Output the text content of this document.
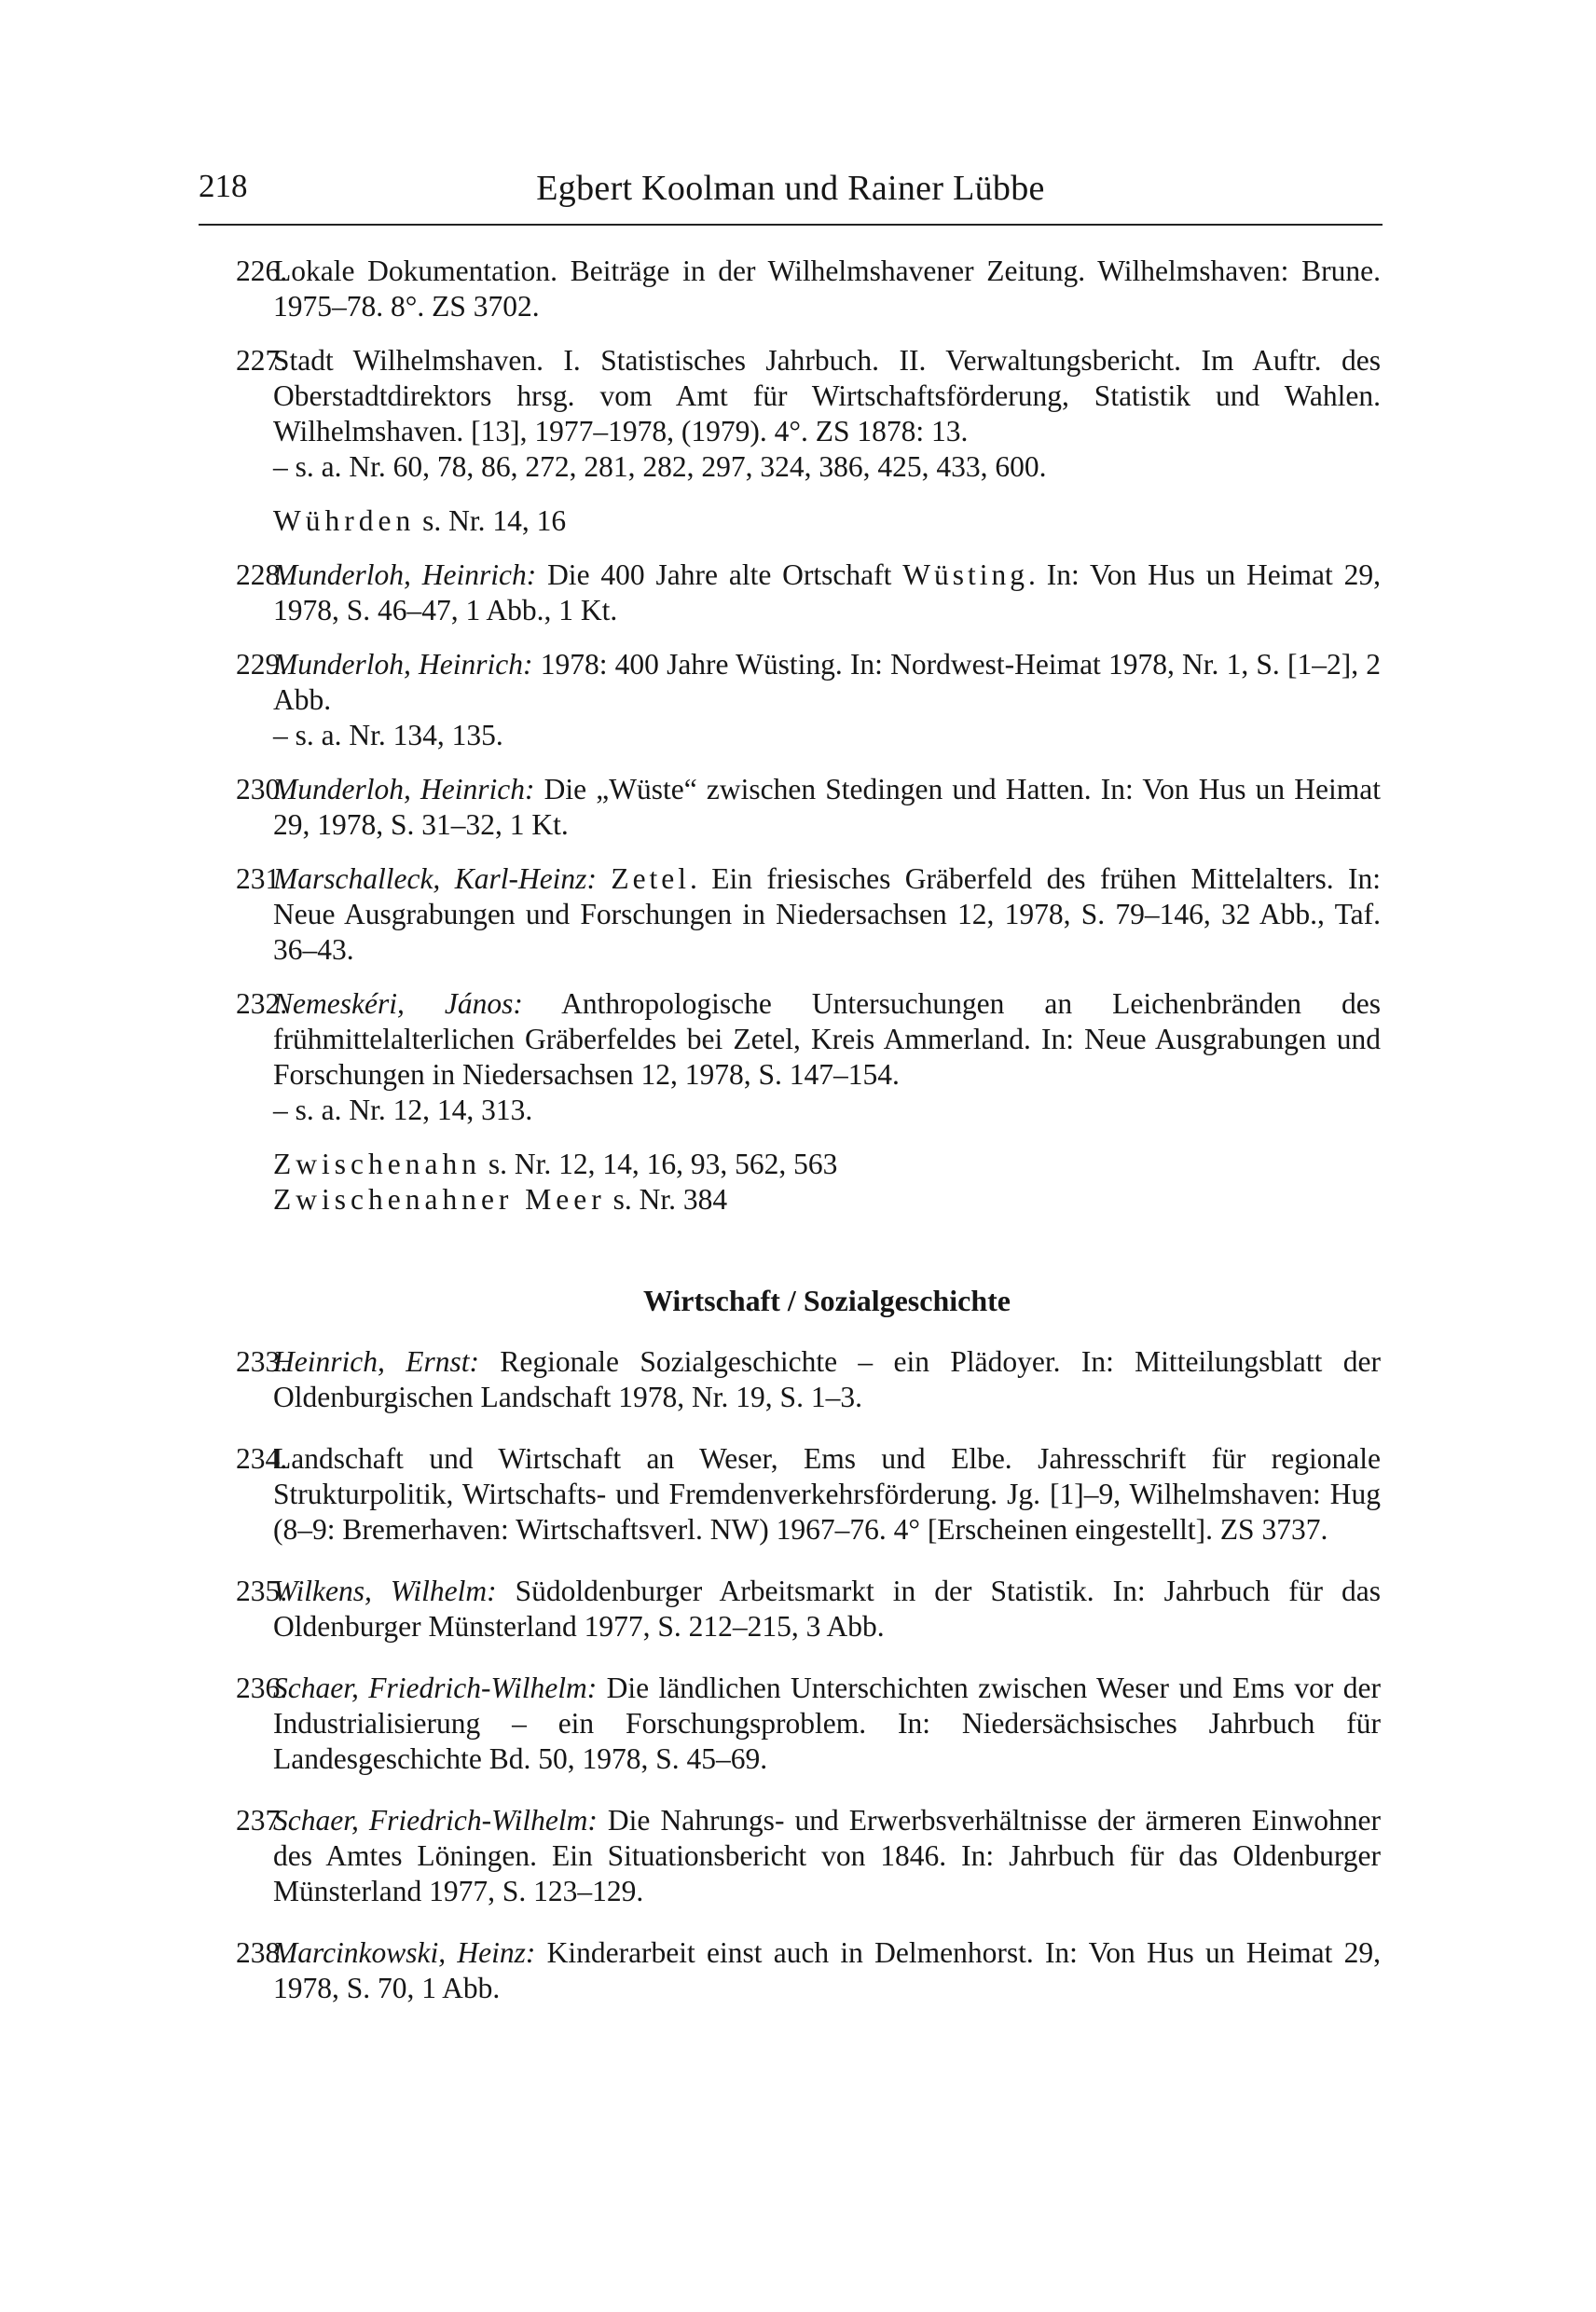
218	Egbert Koolman und Rainer Lübbe
226.
Lokale Dokumentation. Beiträge in der Wilhelmshavener Zeitung. Wilhelmshaven: Brune. 1975–78. 8°. ZS 3702.
227.
Stadt Wilhelmshaven. I. Statistisches Jahrbuch. II. Verwaltungsbericht. Im Auftr. des Oberstadtdirektors hrsg. vom Amt für Wirtschaftsförderung, Statistik und Wahlen. Wilhelmshaven. [13], 1977–1978, (1979). 4°. ZS 1878: 13.
– s. a. Nr. 60, 78, 86, 272, 281, 282, 297, 324, 386, 425, 433, 600.
Wührden s. Nr. 14, 16
228.
Munderloh, Heinrich: Die 400 Jahre alte Ortschaft Wüsting. In: Von Hus un Heimat 29, 1978, S. 46–47, 1 Abb., 1 Kt.
229.
Munderloh, Heinrich: 1978: 400 Jahre Wüsting. In: Nordwest-Heimat 1978, Nr. 1, S. [1–2], 2 Abb.
– s. a. Nr. 134, 135.
230.
Munderloh, Heinrich: Die „Wüste“ zwischen Stedingen und Hatten. In: Von Hus un Heimat 29, 1978, S. 31–32, 1 Kt.
231.
Marschalleck, Karl-Heinz: Zetel. Ein friesisches Gräberfeld des frühen Mittelalters. In: Neue Ausgrabungen und Forschungen in Niedersachsen 12, 1978, S. 79–146, 32 Abb., Taf. 36–43.
232.
Nemeskéri, János: Anthropologische Untersuchungen an Leichenbränden des frühmittelalterlichen Gräberfeldes bei Zetel, Kreis Ammerland. In: Neue Ausgrabungen und Forschungen in Niedersachsen 12, 1978, S. 147–154.
– s. a. Nr. 12, 14, 313.
Zwischenahn s. Nr. 12, 14, 16, 93, 562, 563
Zwischenahner Meer s. Nr. 384
Wirtschaft / Sozialgeschichte
233.
Heinrich, Ernst: Regionale Sozialgeschichte – ein Plädoyer. In: Mitteilungsblatt der Oldenburgischen Landschaft 1978, Nr. 19, S. 1–3.
234.
Landschaft und Wirtschaft an Weser, Ems und Elbe. Jahresschrift für regionale Strukturpolitik, Wirtschafts- und Fremdenverkehrsförderung. Jg. [1]–9, Wilhelmshaven: Hug (8–9: Bremerhaven: Wirtschaftsverl. NW) 1967–76. 4° [Erscheinen eingestellt]. ZS 3737.
235.
Wilkens, Wilhelm: Südoldenburger Arbeitsmarkt in der Statistik. In: Jahrbuch für das Oldenburger Münsterland 1977, S. 212–215, 3 Abb.
236.
Schaer, Friedrich-Wilhelm: Die ländlichen Unterschichten zwischen Weser und Ems vor der Industrialisierung – ein Forschungsproblem. In: Niedersächsisches Jahrbuch für Landesgeschichte Bd. 50, 1978, S. 45–69.
237.
Schaer, Friedrich-Wilhelm: Die Nahrungs- und Erwerbsverhältnisse der ärmeren Einwohner des Amtes Löningen. Ein Situationsbericht von 1846. In: Jahrbuch für das Oldenburger Münsterland 1977, S. 123–129.
238.
Marcinkowski, Heinz: Kinderarbeit einst auch in Delmenhorst. In: Von Hus un Heimat 29, 1978, S. 70, 1 Abb.
